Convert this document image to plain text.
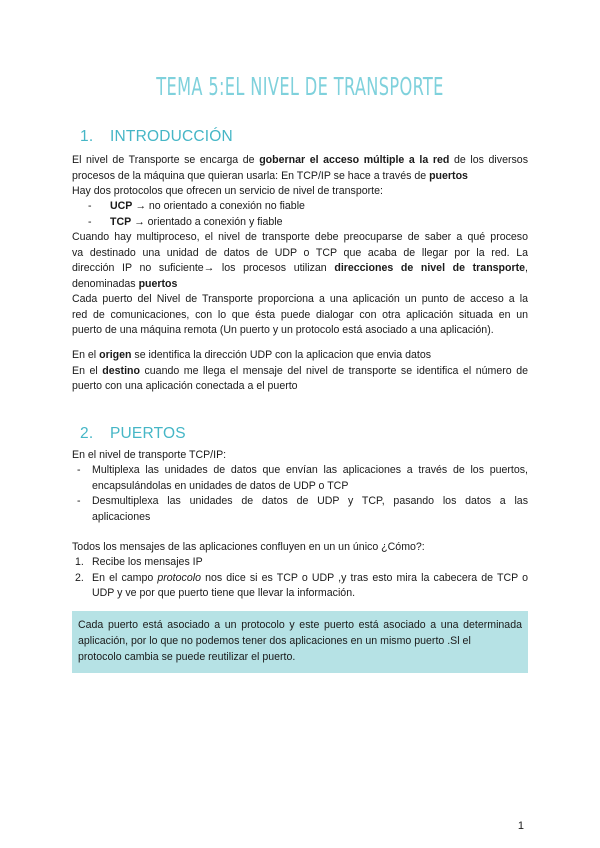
TEMA 5:EL NIVEL DE TRANSPORTE
1. INTRODUCCIÓN
El nivel de Transporte se encarga de gobernar el acceso múltiple a la red de los diversos
procesos de la máquina que quieran usarla: En TCP/IP se hace a través de puertos
Hay dos protocolos que ofrecen un servicio de nivel de transporte:
- UCP → no orientado a conexión no fiable
- TCP → orientado a conexión y fiable
Cuando hay multiproceso, el nivel de transporte debe preocuparse de saber a qué proceso
va destinado una unidad de datos de UDP o TCP que acaba de llegar por la red. La
dirección IP no suficiente→ los procesos utilizan direcciones de nivel de transporte,
denominadas puertos
Cada puerto del Nivel de Transporte proporciona a una aplicación un punto de acceso a la
red de comunicaciones, con lo que ésta puede dialogar con otra aplicación situada en un
puerto de una máquina remota (Un puerto y un protocolo está asociado a una aplicación).
En el origen se identifica la dirección UDP con la aplicacion que envia datos
En el destino cuando me llega el mensaje del nivel de transporte se identifica el número de
puerto con una aplicación conectada a el puerto
2. PUERTOS
En el nivel de transporte TCP/IP:
- Multiplexa las unidades de datos que envían las aplicaciones a través de los puertos,
encapsulándolas en unidades de datos de UDP o TCP
- Desmultiplexa las unidades de datos de UDP y TCP, pasando los datos a las
aplicaciones
Todos los mensajes de las aplicaciones confluyen en un un único ¿Cómo?:
1. Recibe los mensajes IP
2. En el campo protocolo nos dice si es TCP o UDP ,y tras esto mira la cabecera de TCP o
UDP y ve por que puerto tiene que llevar la información.
Cada puerto está asociado a un protocolo y este puerto está asociado a una determinada
aplicación, por lo que no podemos tener dos aplicaciones en un mismo puerto .Sl el
protocolo cambia se puede reutilizar el puerto.
1
